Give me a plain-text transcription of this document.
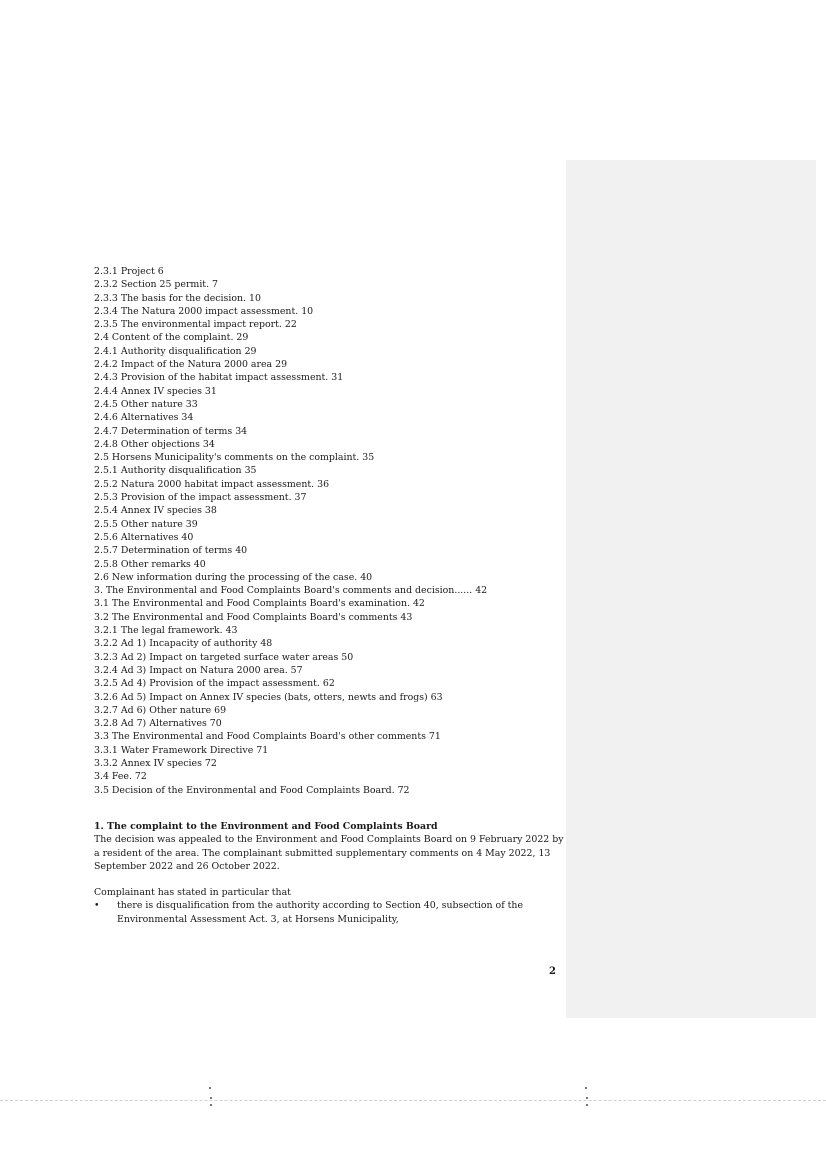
2.3.1 Project 6
2.3.2 Section 25 permit. 7
2.3.3 The basis for the decision. 10
2.3.4 The Natura 2000 impact assessment. 10
2.3.5 The environmental impact report. 22
2.4 Content of the complaint. 29
2.4.1 Authority disqualification 29
2.4.2 Impact of the Natura 2000 area 29
2.4.3 Provision of the habitat impact assessment. 31
2.4.4 Annex IV species 31
2.4.5 Other nature 33
2.4.6 Alternatives 34
2.4.7 Determination of terms 34
2.4.8 Other objections 34
2.5 Horsens Municipality's comments on the complaint. 35
2.5.1 Authority disqualification 35
2.5.2 Natura 2000 habitat impact assessment. 36
2.5.3 Provision of the impact assessment. 37
2.5.4 Annex IV species 38
2.5.5 Other nature 39
2.5.6 Alternatives 40
2.5.7 Determination of terms 40
2.5.8 Other remarks 40
2.6 New information during the processing of the case. 40
3. The Environmental and Food Complaints Board's comments and decision...... 42
3.1 The Environmental and Food Complaints Board's examination. 42
3.2 The Environmental and Food Complaints Board's comments 43
3.2.1 The legal framework. 43
3.2.2 Ad 1) Incapacity of authority 48
3.2.3 Ad 2) Impact on targeted surface water areas 50
3.2.4 Ad 3) Impact on Natura 2000 area. 57
3.2.5 Ad 4) Provision of the impact assessment. 62
3.2.6 Ad 5) Impact on Annex IV species (bats, otters, newts and frogs) 63
3.2.7 Ad 6) Other nature 69
3.2.8 Ad 7) Alternatives 70
3.3 The Environmental and Food Complaints Board's other comments 71
3.3.1 Water Framework Directive 71
3.3.2 Annex IV species 72
3.4 Fee. 72
3.5 Decision of the Environmental and Food Complaints Board. 72
1. The complaint to the Environment and Food Complaints Board

The decision was appealed to the Environment and Food Complaints Board on 9 February 2022 by a resident of the area. The complainant submitted supplementary comments on 4 May 2022, 13 September 2022 and 26 October 2022.

Complainant has stated in particular that

• there is disqualification from the authority according to Section 40, subsection of the Environmental Assessment Act. 3, at Horsens Municipality,
2
